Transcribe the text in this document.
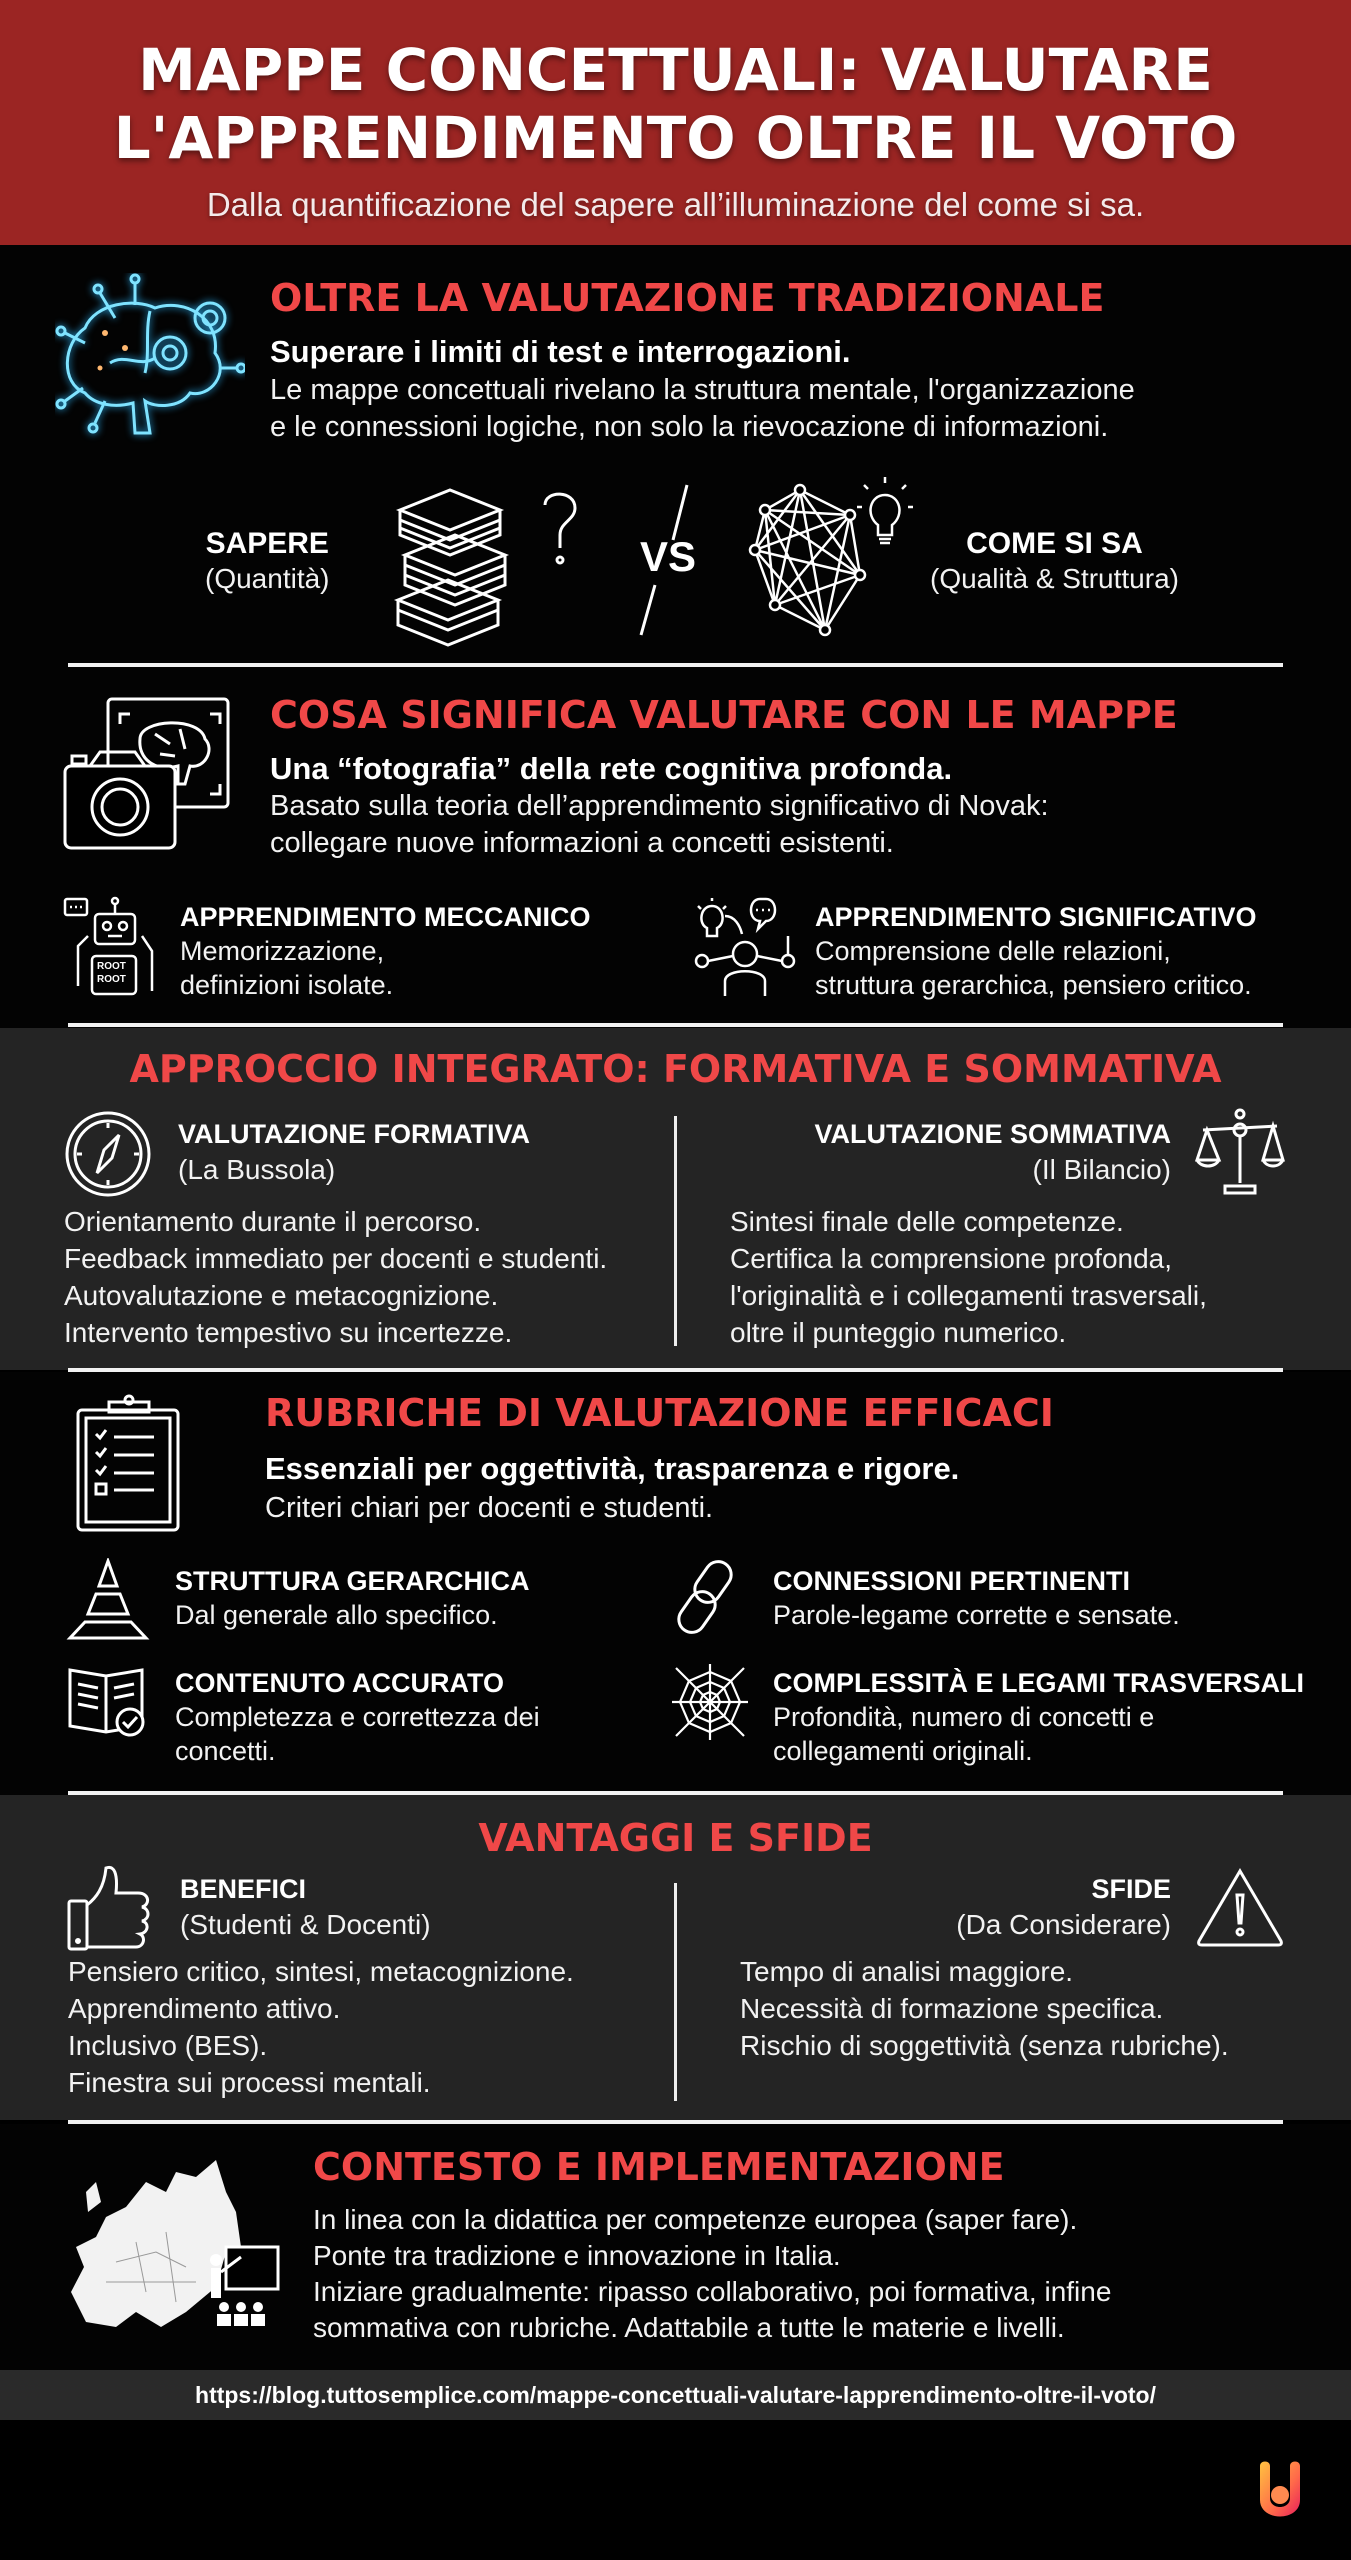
MAPPE CONCETTUALI: VALUTARE
L'APPRENDIMENTO OLTRE IL VOTO
Dalla quantificazione del sapere all’illuminazione del come si sa.
OLTRE LA VALUTAZIONE TRADIZIONALE
Superare i limiti di test e interrogazioni.
Le mappe concettuali rivelano la struttura mentale, l'organizzazione
e le connessioni logiche, non solo la rievocazione di informazioni.
SAPERE
(Quantità)	VS	COME SI SA
(Qualità & Struttura)
COSA SIGNIFICA VALUTARE CON LE MAPPE
Una “fotografia” della rete cognitiva profonda.
Basato sulla teoria dell’apprendimento significativo di Novak:
collegare nuove informazioni a concetti esistenti.
ROOT
ROOT
APPRENDIMENTO MECCANICO
Memorizzazione,
definizioni isolate.
APPRENDIMENTO SIGNIFICATIVO
Comprensione delle relazioni,
struttura gerarchica, pensiero critico.
APPROCCIO INTEGRATO: FORMATIVA E SOMMATIVA
VALUTAZIONE FORMATIVA
(La Bussola)
Orientamento durante il percorso.
Feedback immediato per docenti e studenti.
Autovalutazione e metacognizione.
Intervento tempestivo su incertezze.
VALUTAZIONE SOMMATIVA
(Il Bilancio)
Sintesi finale delle competenze.
Certifica la comprensione profonda,
l'originalità e i collegamenti trasversali,
oltre il punteggio numerico.
RUBRICHE DI VALUTAZIONE EFFICACI
Essenziali per oggettività, trasparenza e rigore.
Criteri chiari per docenti e studenti.
STRUTTURA GERARCHICA
Dal generale allo specifico.
CONNESSIONI PERTINENTI
Parole-legame corrette e sensate.
CONTENUTO ACCURATO
Completezza e correttezza dei
concetti.
COMPLESSITÀ E LEGAMI TRASVERSALI
Profondità, numero di concetti e
collegamenti originali.
VANTAGGI E SFIDE
BENEFICI
(Studenti & Docenti)
Pensiero critico, sintesi, metacognizione.
Apprendimento attivo.
Inclusivo (BES).
Finestra sui processi mentali.
SFIDE
(Da Considerare)
Tempo di analisi maggiore.
Necessità di formazione specifica.
Rischio di soggettività (senza rubriche).
CONTESTO E IMPLEMENTAZIONE
In linea con la didattica per competenze europea (saper fare).
Ponte tra tradizione e innovazione in Italia.
Iniziare gradualmente: ripasso collaborativo, poi formativa, infine
sommativa con rubriche. Adattabile a tutte le materie e livelli.
https://blog.tuttosemplice.com/mappe-concettuali-valutare-lapprendimento-oltre-il-voto/
